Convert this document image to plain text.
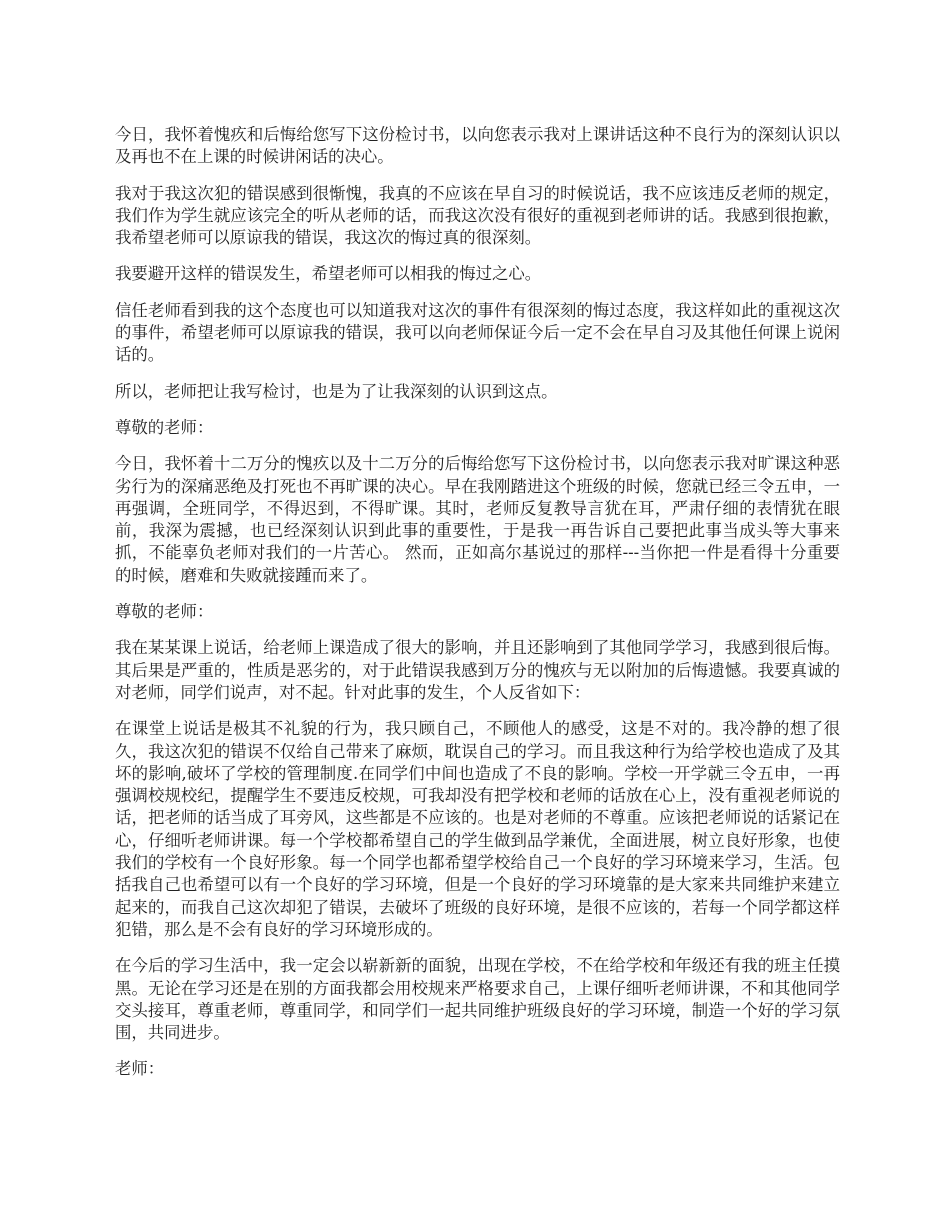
今日，我怀着愧疚和后悔给您写下这份检讨书，以向您表示我对上课讲话这种不良行为的深刻认识以及再也不在上课的时候讲闲话的决心。

我对于我这次犯的错误感到很惭愧，我真的不应该在早自习的时候说话，我不应该违反老师的规定，我们作为学生就应该完全的听从老师的话，而我这次没有很好的重视到老师讲的话。我感到很抱歉，我希望老师可以原谅我的错误，我这次的悔过真的很深刻。

我要避开这样的错误发生，希望老师可以相我的悔过之心。

信任老师看到我的这个态度也可以知道我对这次的事件有很深刻的悔过态度，我这样如此的重视这次的事件，希望老师可以原谅我的错误，我可以向老师保证今后一定不会在早自习及其他任何课上说闲话的。

所以，老师把让我写检讨，也是为了让我深刻的认识到这点。

尊敬的老师：

今日，我怀着十二万分的愧疚以及十二万分的后悔给您写下这份检讨书，以向您表示我对旷课这种恶劣行为的深痛恶绝及打死也不再旷课的决心。早在我刚踏进这个班级的时候，您就已经三令五申，一再强调，全班同学，不得迟到，不得旷课。其时，老师反复教导言犹在耳，严肃仔细的表情犹在眼前，我深为震撼，也已经深刻认识到此事的重要性，于是我一再告诉自己要把此事当成头等大事来抓，不能辜负老师对我们的一片苦心。 然而，正如高尔基说过的那样---当你把一件是看得十分重要的时候，磨难和失败就接踵而来了。

尊敬的老师：

我在某某课上说话，给老师上课造成了很大的影响，并且还影响到了其他同学学习，我感到很后悔。其后果是严重的，性质是恶劣的，对于此错误我感到万分的愧疚与无以附加的后悔遗憾。我要真诚的对老师，同学们说声，对不起。针对此事的发生，个人反省如下：

在课堂上说话是极其不礼貌的行为，我只顾自己，不顾他人的感受，这是不对的。我冷静的想了很久，我这次犯的错误不仅给自己带来了麻烦，耽误自己的学习。而且我这种行为给学校也造成了及其坏的影响,破坏了学校的管理制度.在同学们中间也造成了不良的影响。学校一开学就三令五申，一再强调校规校纪，提醒学生不要违反校规，可我却没有把学校和老师的话放在心上，没有重视老师说的话，把老师的话当成了耳旁风，这些都是不应该的。也是对老师的不尊重。应该把老师说的话紧记在心，仔细听老师讲课。每一个学校都希望自己的学生做到品学兼优，全面进展，树立良好形象，也使我们的学校有一个良好形象。每一个同学也都希望学校给自己一个良好的学习环境来学习，生活。包括我自己也希望可以有一个良好的学习环境，但是一个良好的学习环境靠的是大家来共同维护来建立起来的，而我自己这次却犯了错误，去破坏了班级的良好环境，是很不应该的，若每一个同学都这样犯错，那么是不会有良好的学习环境形成的。

在今后的学习生活中，我一定会以崭新新的面貌，出现在学校，不在给学校和年级还有我的班主任摸黑。无论在学习还是在别的方面我都会用校规来严格要求自己，上课仔细听老师讲课，不和其他同学交头接耳，尊重老师，尊重同学，和同学们一起共同维护班级良好的学习环境，制造一个好的学习氛围，共同进步。

老师：
